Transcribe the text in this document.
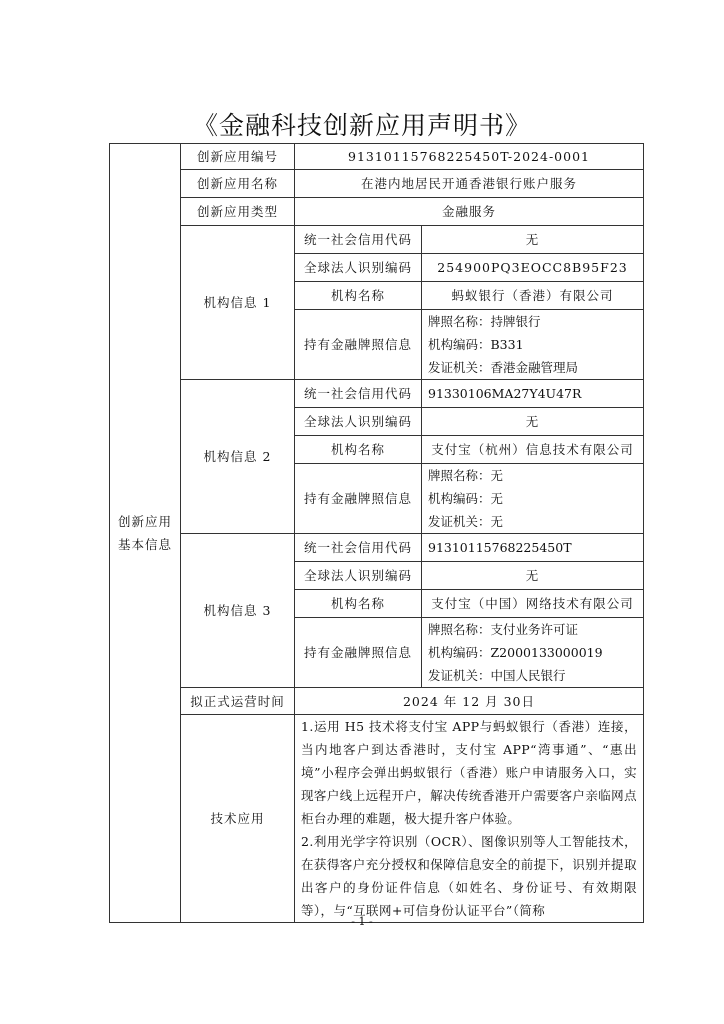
《金融科技创新应用声明书》
创新应用
基本信息	创新应用编号	91310115768225450T-2024-0001	
	创新应用名称	在港内地居民开通香港银行账户服务	
	创新应用类型	金融服务	
	机构信息 1	统一社会信用代码	无
		全球法人识别编码	254900PQ3EOCC8B95F23
		机构名称	蚂蚁银行（香港）有限公司
		持有金融牌照信息	牌照名称：持牌银行
机构编码：B331
发证机关：香港金融管理局

	机构信息 2	统一社会信用代码	91330106MA27Y4U47R
		全球法人识别编码	无
		机构名称	支付宝（杭州）信息技术有限公司
		持有金融牌照信息	牌照名称：无
机构编码：无
发证机关：无

	机构信息 3	统一社会信用代码	91310115768225450T
		全球法人识别编码	无
		机构名称	支付宝（中国）网络技术有限公司
		持有金融牌照信息	牌照名称：支付业务许可证
机构编码：Z2000133000019
发证机关：中国人民银行

	拟正式运营时间	2024 年 12 月 30日	
	技术应用	1.运用 H5 技术将支付宝 APP与蚂蚁银行（香港）连接，当内地客户到达香港时，支付宝 APP“湾事通”、“惠出境”小程序会弹出蚂蚁银行（香港）账户申请服务入口，实现客户线上远程开户，解决传统香港开户需要客户亲临网点柜台办理的难题，极大提升客户体验。
2.利用光学字符识别（OCR）、图像识别等人工智能技术，在获得客户充分授权和保障信息安全的前提下，识别并提取出客户的身份证件信息（如姓名、身份证号、有效期限等），与“互联网+可信身份认证平台”（简称	
- 1 -
